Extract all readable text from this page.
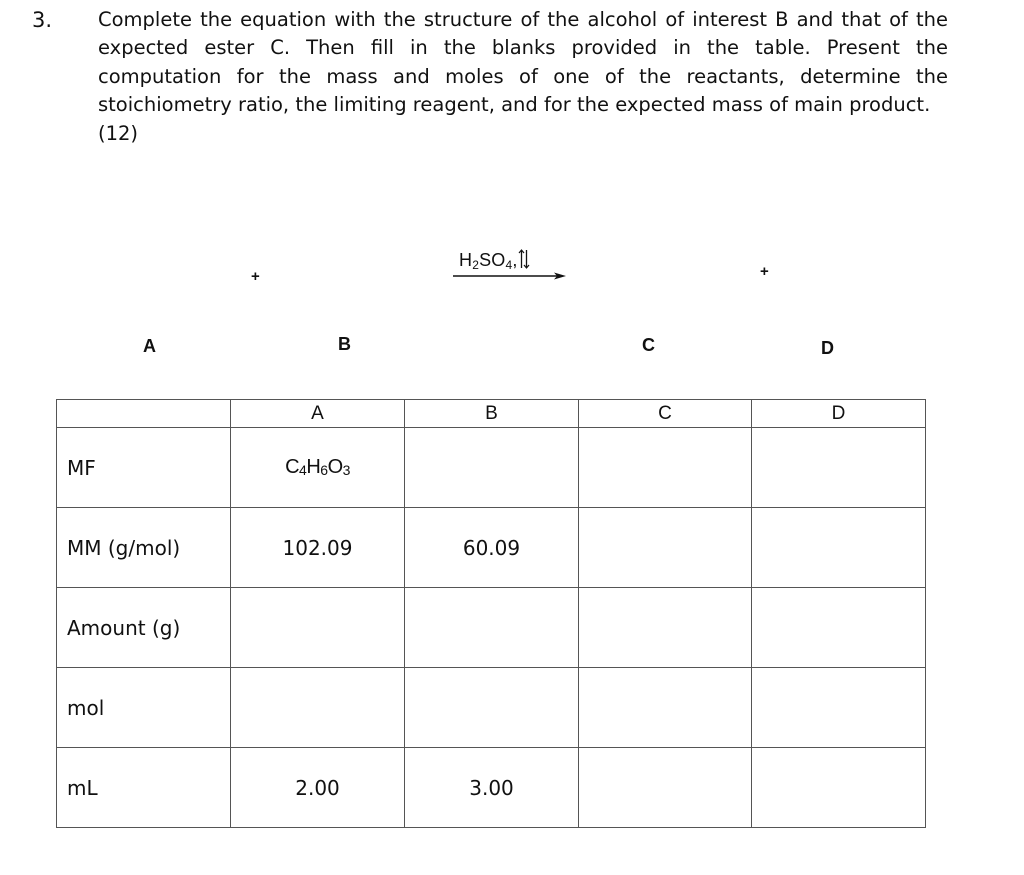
3. Complete the equation with the structure of the alcohol of interest B and that of the expected ester C. Then fill in the blanks provided in the table. Present the computation for the mass and moles of one of the reactants, determine the stoichiometry ratio, the limiting reagent, and for the expected mass of main product.
(12)

+
$H_2SO_4$,
+
A	B	C	D
	A	B	C	D
MF	$C_4H_6O_3$			
MM (g/mol)	102.09	60.09		
Amount (g)				
mol				
mL	2.00	3.00		
